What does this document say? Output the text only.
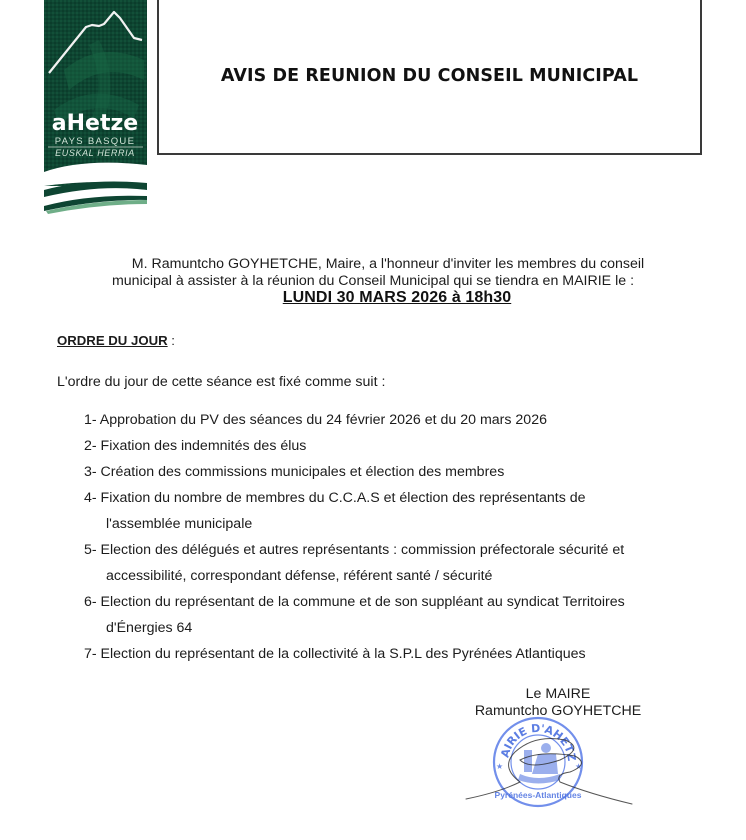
aHetze
PAYS BASQUE
EUSKAL HERRIA
AVIS DE REUNION DU CONSEIL MUNICIPAL
M. Ramuntcho GOYHETCHE, Maire, a l'honneur d'inviter les membres du conseil
municipal à assister à la réunion du Conseil Municipal qui se tiendra en MAIRIE le :
LUNDI 30 MARS 2026 à 18h30
ORDRE DU JOUR :
L'ordre du jour de cette séance est fixé comme suit :
1- Approbation du PV des séances du 24 février 2026 et du 20 mars 2026
2- Fixation des indemnités des élus
3- Création des commissions municipales et élection des membres
4- Fixation du nombre de membres du C.C.A.S et élection des représentants de
l'assemblée municipale
5- Election des délégués et autres représentants : commission préfectorale sécurité et
accessibilité, correspondant défense, référent santé / sécurité
6- Election du représentant de la commune et de son suppléant au syndicat Territoires
d'Énergies 64
7- Election du représentant de la collectivité à la S.P.L des Pyrénées Atlantiques
Le MAIRE
Ramuntcho GOYHETCHE
AIRIE D'AHETZ
★	★
Pyrénées-Atlantiques
